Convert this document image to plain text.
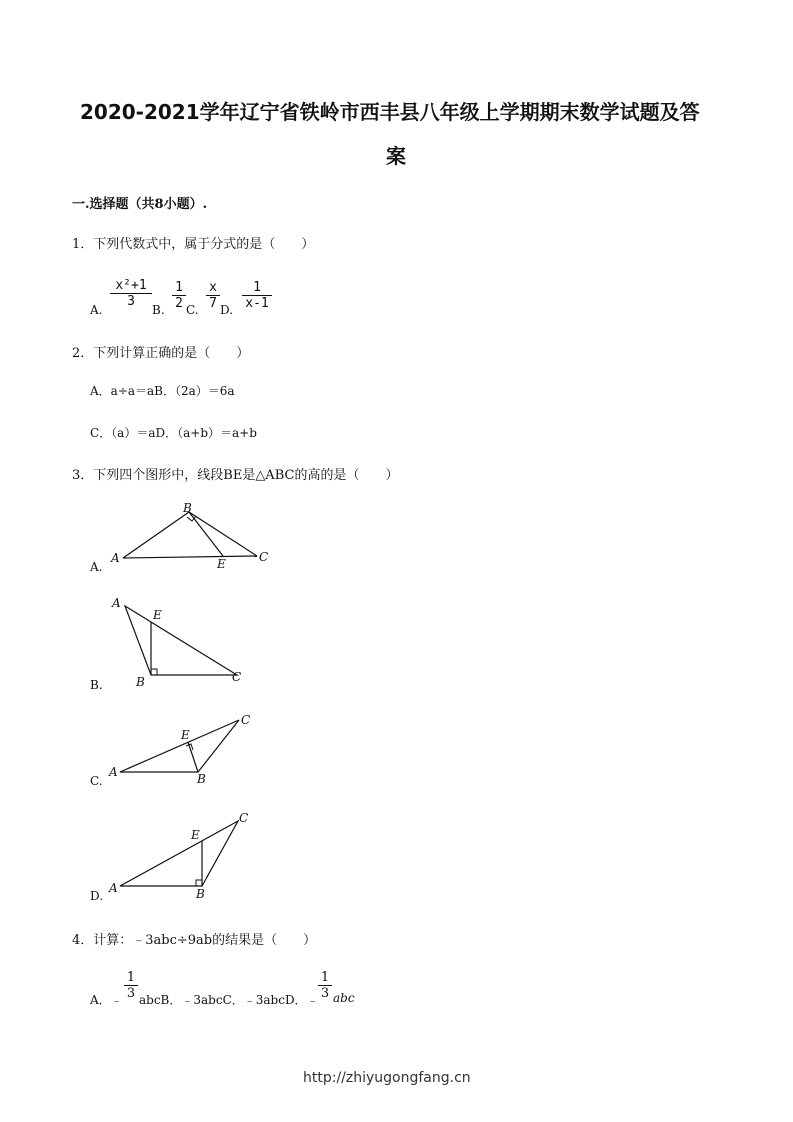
2020-2021学年辽宁省铁岭市西丰县八年级上学期期末数学试题及答
案
一.选择题（共8小题）.
1．下列代数式中，属于分式的是（　　）
A. $\frac{\text{x²+1}}{3} B$. $\frac{1}{2} C$. $\frac{x}{7} D$. $\frac{1}{x-1}$
2．下列计算正确的是（　　）
A．a÷a＝aB．（2a）＝6a
C．（a）＝aD．（a+b）＝a+b
3．下列四个图形中，线段BE是△ABC的高的是（　　）
A.
B
A	E	C
B.
A
E
B	C
C.
A
E
B
C
D.
A
E
B
C
4．计算：﹣3abc÷9ab的结果是（　　）
A．﹣ $\frac{1}{3}$ abcB．﹣3abcC．﹣3abcD．﹣ $\frac{1}{3}$ abc
http://zhiyugongfang.cn
